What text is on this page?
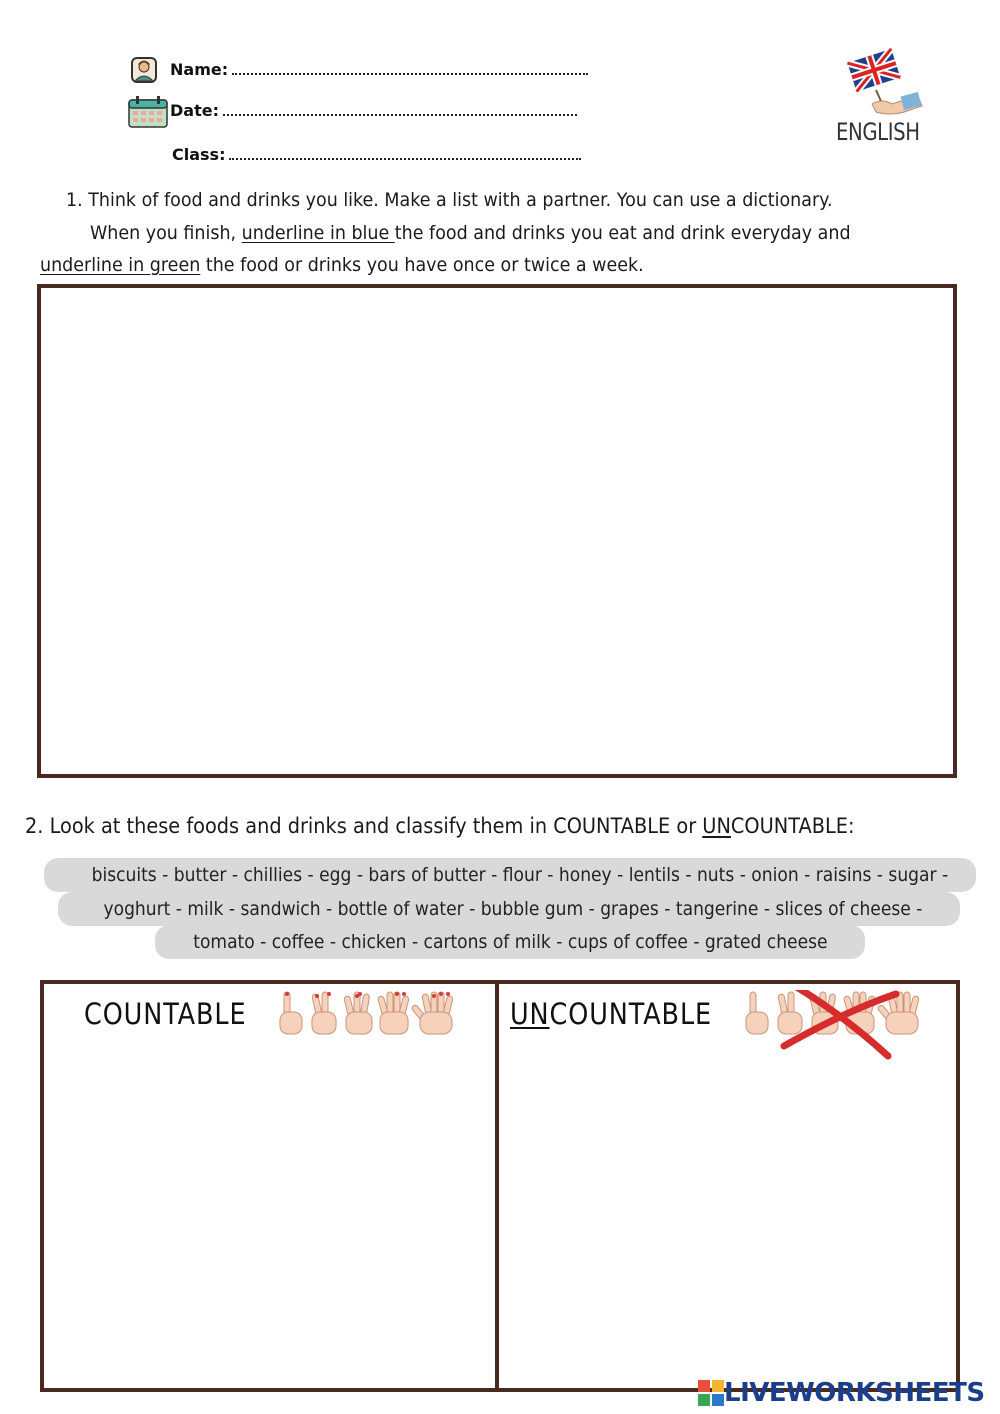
Name:
Date:
Class:
ENGLISH
1. Think of food and drinks you like. Make a list with a partner. You can use a dictionary.
When you finish, underline in blue the food and drinks you eat and drink everyday and
underline in green the food or drinks you have once or twice a week.
2. Look at these foods and drinks and classify them in COUNTABLE or UNCOUNTABLE:
biscuits - butter - chillies - egg - bars of butter - flour - honey - lentils - nuts - onion - raisins - sugar -
yoghurt - milk - sandwich - bottle of water - bubble gum - grapes - tangerine - slices of cheese -
tomato - coffee - chicken - cartons of milk - cups of coffee - grated cheese
COUNTABLE	UNCOUNTABLE
LIVEWORKSHEETS
